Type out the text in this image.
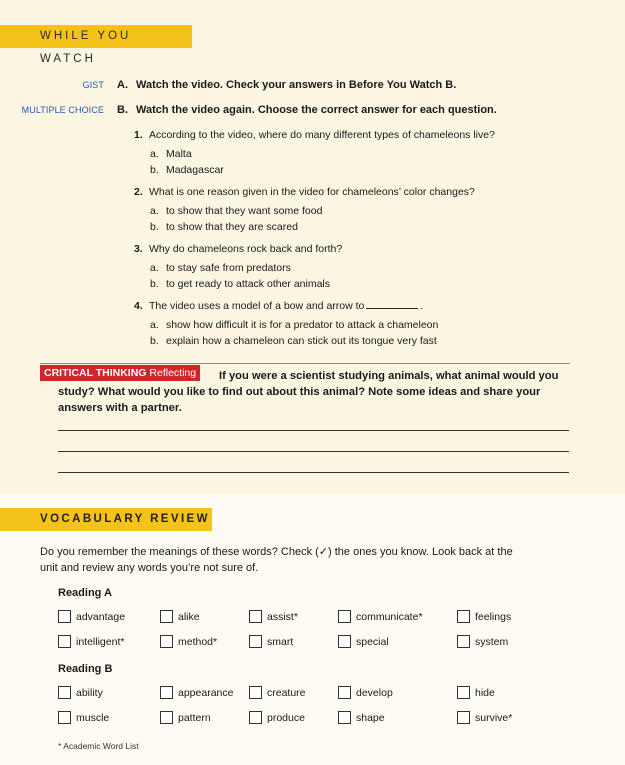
WHILE YOU WATCH
GIST A. Watch the video. Check your answers in Before You Watch B.
MULTIPLE CHOICE B. Watch the video again. Choose the correct answer for each question.
1. According to the video, where do many different types of chameleons live?
a. Malta
b. Madagascar
2. What is one reason given in the video for chameleons’ color changes?
a. to show that they want some food
b. to show that they are scared
3. Why do chameleons rock back and forth?
a. to stay safe from predators
b. to get ready to attack other animals
4. The video uses a model of a bow and arrow to	.
a. show how difficult it is for a predator to attack a chameleon
b. explain how a chameleon can stick out its tongue very fast
CRITICAL THINKING Reflecting	If you were a scientist studying animals, what animal would you
study? What would you like to find out about this animal? Note some ideas and share your
answers with a partner.
VOCABULARY REVIEW
Do you remember the meanings of these words? Check (✓) the ones you know. Look back at the
unit and review any words you’re not sure of.
Reading A
advantage	alike	assist*	communicate*	feelings
intelligent*	method*	smart	special	system
Reading B
ability	appearance	creature	develop	hide
muscle	pattern	produce	shape	survive*
* Academic Word List
